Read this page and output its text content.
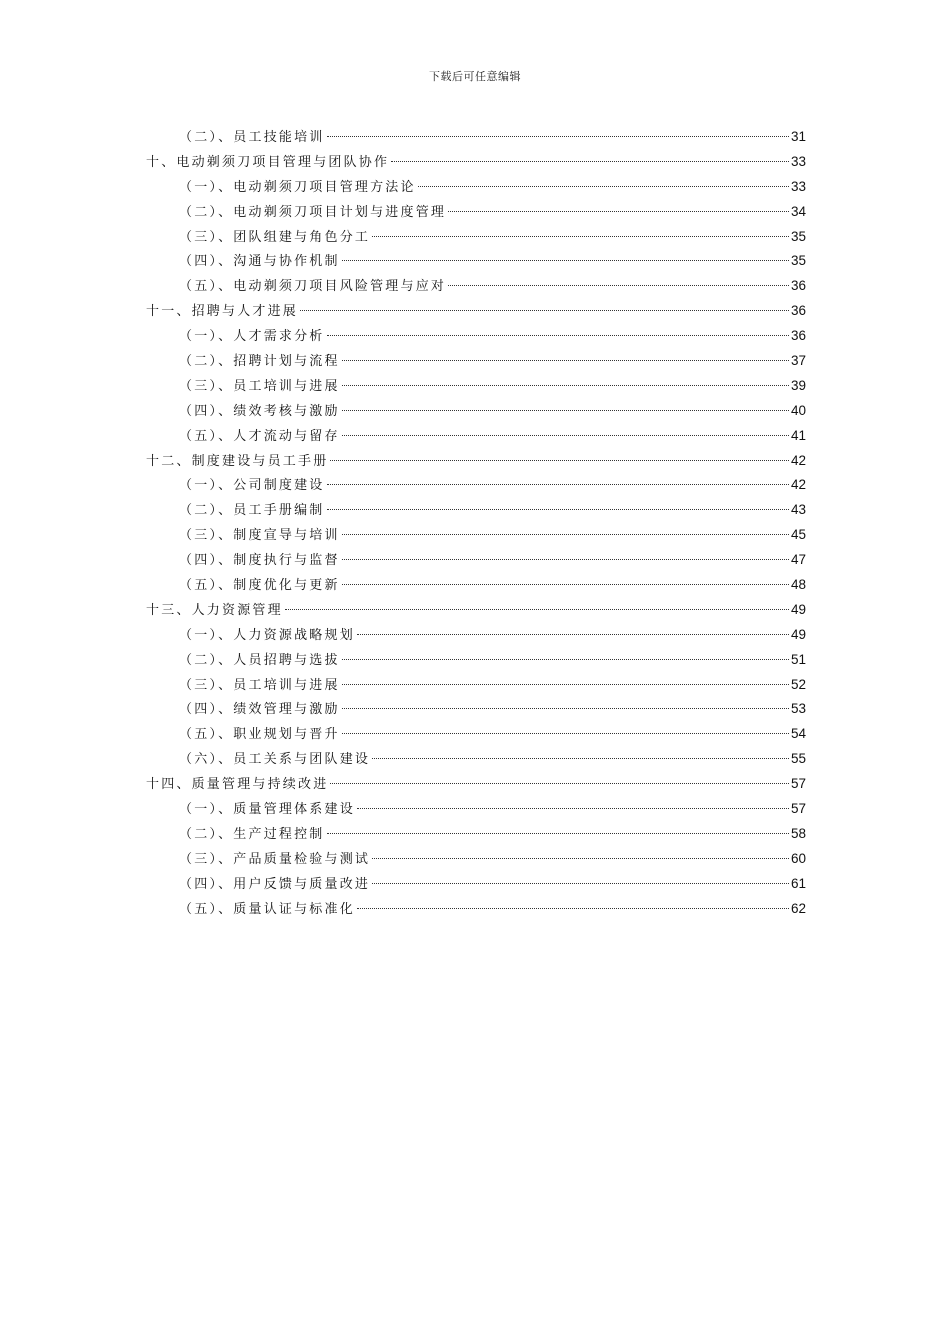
下载后可任意编辑
（二）、员工技能培训	31
十、电动剃须刀项目管理与团队协作	33
（一）、电动剃须刀项目管理方法论	33
（二）、电动剃须刀项目计划与进度管理	34
（三）、团队组建与角色分工	35
（四）、沟通与协作机制	35
（五）、电动剃须刀项目风险管理与应对	36
十一、招聘与人才进展	36
（一）、人才需求分析	36
（二）、招聘计划与流程	37
（三）、员工培训与进展	39
（四）、绩效考核与激励	40
（五）、人才流动与留存	41
十二、制度建设与员工手册	42
（一）、公司制度建设	42
（二）、员工手册编制	43
（三）、制度宣导与培训	45
（四）、制度执行与监督	47
（五）、制度优化与更新	48
十三、人力资源管理	49
（一）、人力资源战略规划	49
（二）、人员招聘与选拔	51
（三）、员工培训与进展	52
（四）、绩效管理与激励	53
（五）、职业规划与晋升	54
（六）、员工关系与团队建设	55
十四、质量管理与持续改进	57
（一）、质量管理体系建设	57
（二）、生产过程控制	58
（三）、产品质量检验与测试	60
（四）、用户反馈与质量改进	61
（五）、质量认证与标准化	62
